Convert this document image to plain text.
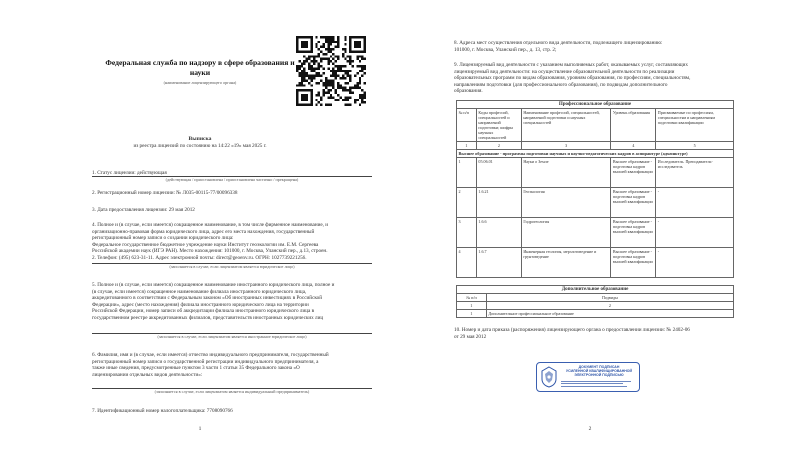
Федеральная служба по надзору в сфере образования и науки
(наименование лицензирующего органа)
Выписка
из реестра лицензий по состоянию на 14:22 «19» мая 2025 г.
1. Статус лицензии: действующая
(действующая / приостановлена / приостановлена частично / прекращена)
2. Регистрационный номер лицензии: № Л035-00115-77/00096338
3. Дата предоставления лицензии: 29 мая 2012
4. Полное и (в случае, если имеется) сокращенное наименование, в том числе фирменное наименование, и
организационно-правовая форма юридического лица, адрес его места нахождения, государственный
регистрационный номер записи о создании юридического лица:
Федеральное государственное бюджетное учреждение науки Институт геоэкологии им. Е.М. Сергеева
Российской академии наук (ИГЭ РАН). Место нахождения: 101000, г. Москва, Уланский пер., д.13, строен.
2. Телефон: (495) 623-31-11. Адрес электронной почты: direct@geoenv.ru. ОГРН: 1027739221256.
(заполняется в случае, если лицензиатом является юридическое лицо)
5. Полное и (в случае, если имеется) сокращенное наименование иностранного юридического лица, полное и
(в случае, если имеется) сокращенное наименование филиала иностранного юридического лица,
аккредитованного в соответствии с Федеральным законом «Об иностранных инвестициях в Российской
Федерации», адрес (место нахождения) филиала иностранного юридического лица на территории
Российской Федерации, номер записи об аккредитации филиала иностранного юридического лица в
государственном реестре аккредитованных филиалов, представительств иностранных юридических лиц
(заполняется в случае, если лицензиатом является иностранное юридическое лицо)
6. Фамилия, имя и (в случае, если имеется) отчество индивидуального предпринимателя, государственный
регистрационный номер записи о государственной регистрации индивидуального предпринимателя, а
также иные сведения, предусмотренные пунктом 3 части 1 статьи 35 Федерального закона «О
лицензировании отдельных видов деятельности»:
(заполняется в случае, если лицензиатом является индивидуальный предприниматель)
7. Идентификационный номер налогоплательщика: 7708090766
1
8. Адреса мест осуществления отдельного вида деятельности, подлежащего лицензированию:
101000, г. Москва, Уланский пер., д. 13, стр. 2;
9. Лицензируемый вид деятельности с указанием выполняемых работ, оказываемых услуг, составляющих
лицензируемый вид деятельности: на осуществление образовательной деятельности по реализации
образовательных программ по видам образования, уровням образования, по профессиям, специальностям,
направлениям подготовки (для профессионального образования), по подвидам дополнительного
образования.
Профессиональное образование				
№ п/п	Коды профессий, специальностей и направлений подготовки; шифры научных специальностей	Наименование профессий, специальностей, направлений подготовки и научных специальностей	Уровень образования	Присваиваемые по профессиям, специальностям и направлениям подготовки квалификации
1	2	3	4	5
Высшее образование - программы подготовки научных и научно-педагогических кадров в аспирантуре (адъюнктуре)				
1	05.06.01	Науки о Земле	Высшее образование - подготовка кадров высшей квалификации	Исследователь. Преподаватель-исследователь
2	1.6.21	Геоэкология	Высшее образование - подготовка кадров высшей квалификации	-
3	1.6.6	Гидрогеология	Высшее образование - подготовка кадров высшей квалификации	-
4	1.6.7	Инженерная геология, мерзлотоведение и грунтоведение	Высшее образование - подготовка кадров высшей квалификации	-
Дополнительное образование	
№ п/п	Подвиды
1	2
1	Дополнительное профессиональное образование
10. Номер и дата приказа (распоряжения) лицензирующего органа о предоставлении лицензии: № 2402-06
от 29 мая 2012
ДОКУМЕНТ ПОДПИСАН
УСИЛЕННОЙ КВАЛИФИЦИРОВАННОЙ
ЭЛЕКТРОННОЙ ПОДПИСЬЮ
2
